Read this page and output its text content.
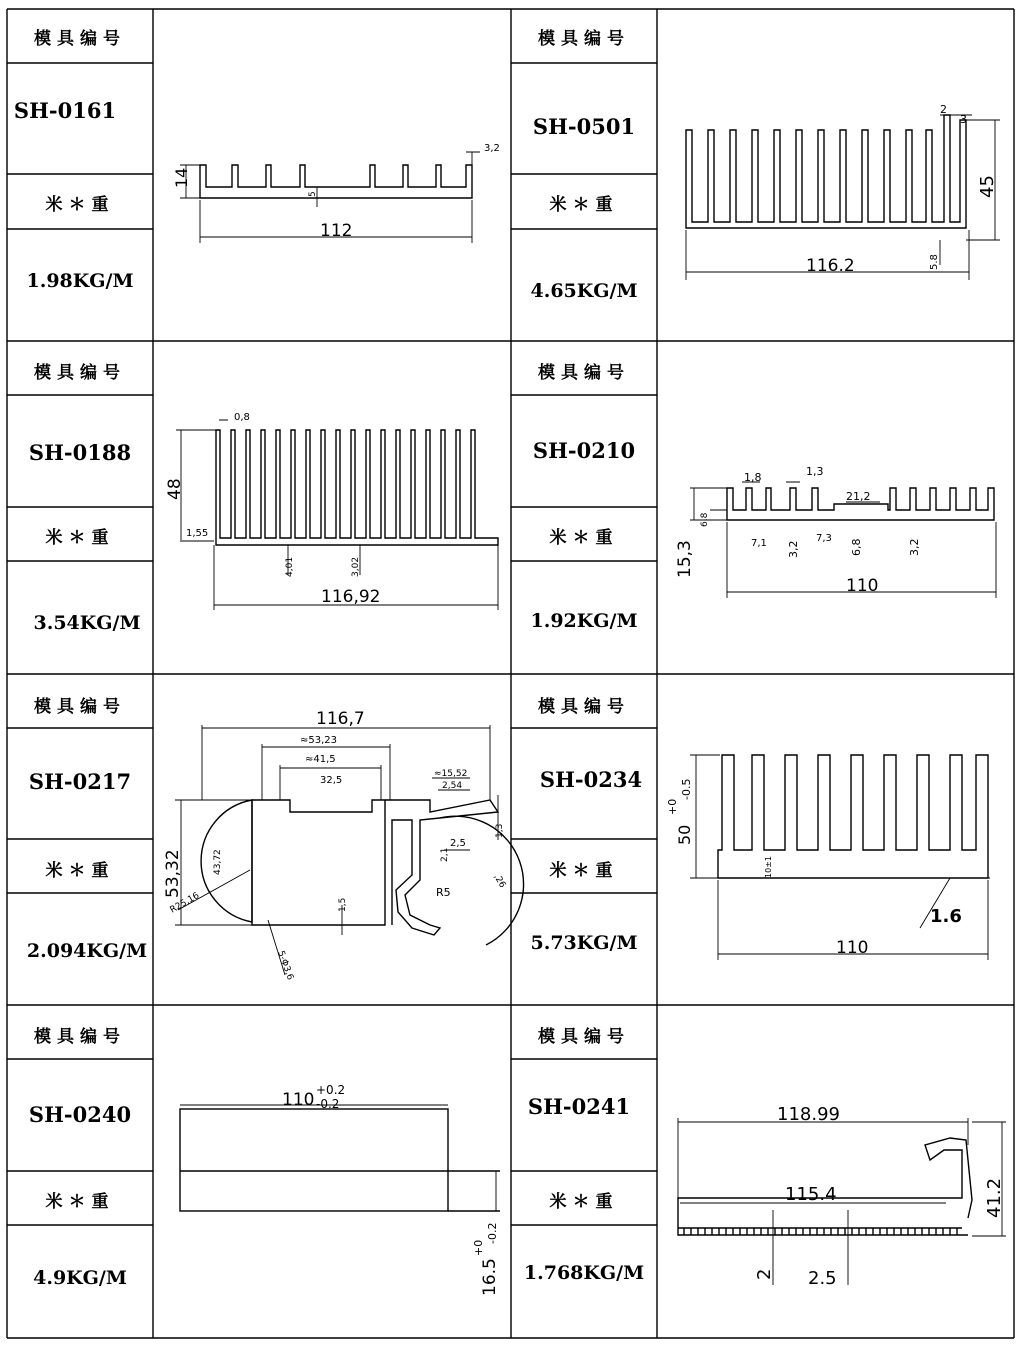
14
3,2
5
112
2
3
45
5.8
116.2
0,8
48
1,55
4,01	3,02
116,92
1,8	1,3
21,2
6,8
15,3	7,1 3,2
7,3 6,8	3,2
110
116,7
≈53,23
≈41,5
32,5
≈15,52
2,54
53,32	43,72
R25,16	1,5
2,1
2,5
R5
1,3
,26
5-Φ3,6
50
+0
-0.5
10±1
1.6
110
110 +0.2
-0.2
16.5
+0
-0.2
118.99
115.4	41.2
2 2.5
模具编号
SH-0161
米＊重
1.98KG/M
模具编号
SH-0501
米＊重
4.65KG/M
模具编号
SH-0188
米＊重
3.54KG/M
模具编号
SH-0210
米＊重
1.92KG/M
模具编号
SH-0217
米＊重
2.094KG/M
模具编号
SH-0234
米＊重
5.73KG/M
模具编号
SH-0240
米＊重
4.9KG/M
模具编号
SH-0241
米＊重
1.768KG/M
